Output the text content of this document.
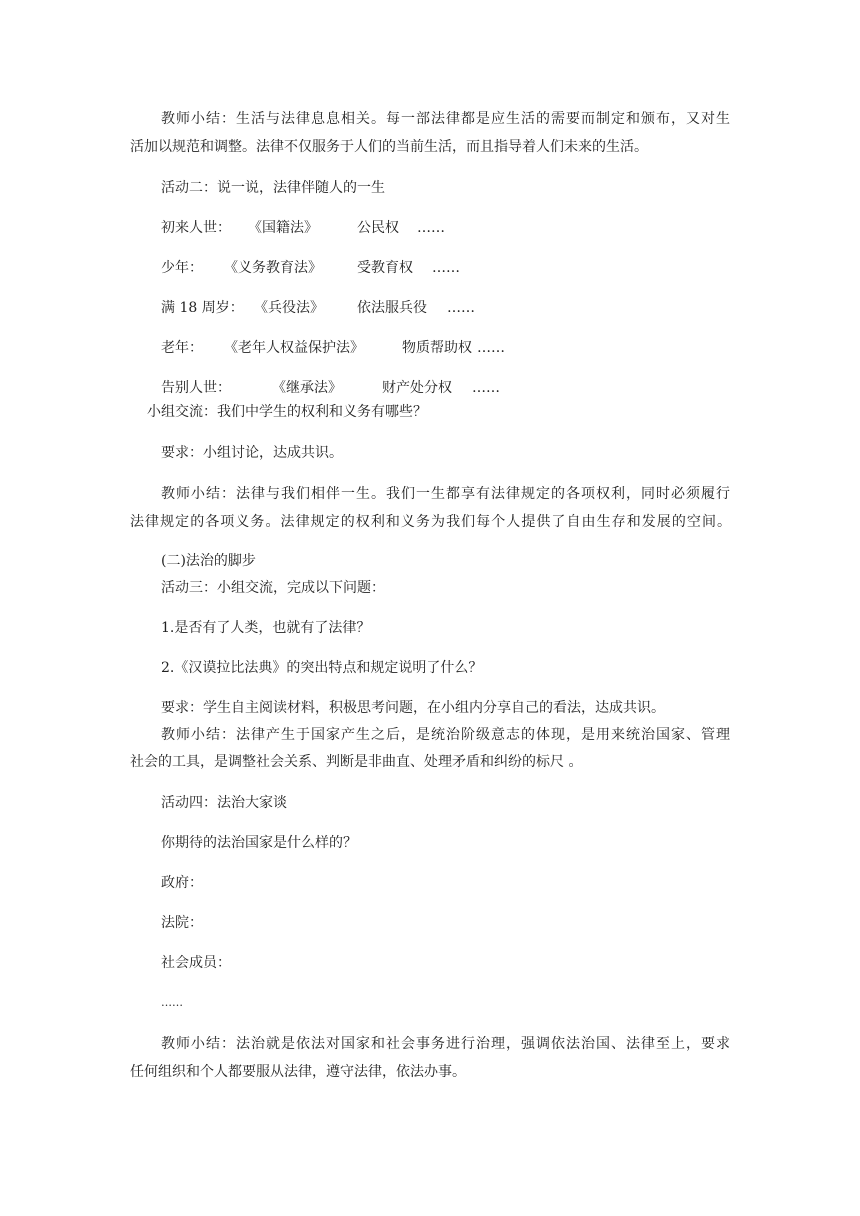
教师小结：生活与法律息息相关。每一部法律都是应生活的需要而制定和颁布，又对生
活加以规范和调整。法律不仅服务于人们的当前生活，而且指导着人们未来的生活。
活动二：说一说，法律伴随人的一生
初来人世： 《国籍法》	公民权 ……
少年： 《义务教育法》	受教育权 ……
满 18 周岁： 《兵役法》 依法服兵役 ……
老年： 《老年人权益保护法》	物质帮助权 ……
告别人世：	《继承法》	财产处分权 ……
小组交流：我们中学生的权利和义务有哪些？
要求：小组讨论，达成共识。
教师小结：法律与我们相伴一生。我们一生都享有法律规定的各项权利，同时必须履行
法律规定的各项义务。法律规定的权利和义务为我们每个人提供了自由生存和发展的空间。
(二)法治的脚步
活动三：小组交流，完成以下问题：
1.是否有了人类，也就有了法律？
2.《汉谟拉比法典》的突出特点和规定说明了什么？
要求：学生自主阅读材料，积极思考问题，在小组内分享自己的看法，达成共识。
教师小结：法律产生于国家产生之后，是统治阶级意志的体现，是用来统治国家、管理
社会的工具，是调整社会关系、判断是非曲直、处理矛盾和纠纷的标尺 。
活动四：法治大家谈
你期待的法治国家是什么样的？
政府：
法院：
社会成员：
……
教师小结：法治就是依法对国家和社会事务进行治理，强调依法治国、法律至上，要求
任何组织和个人都要服从法律，遵守法律，依法办事。
